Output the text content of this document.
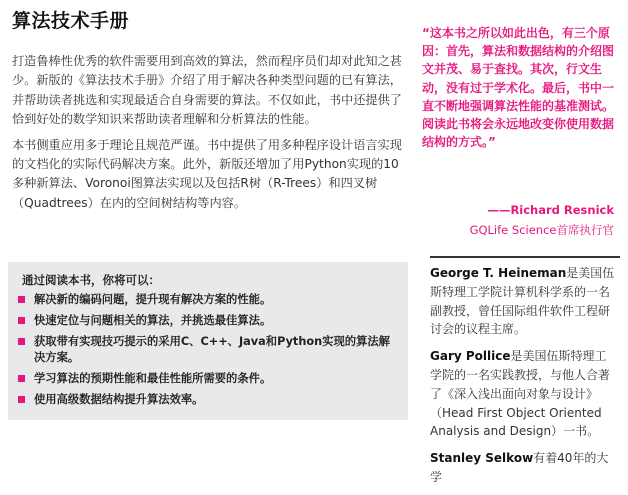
算法技术手册

打造鲁棒性优秀的软件需要用到高效的算法，然而程序员们却对此知之甚少。新版的《算法技术手册》介绍了用于解决各种类型问题的已有算法，并帮助读者挑选和实现最适合自身需要的算法。不仅如此，书中还提供了恰到好处的数学知识来帮助读者理解和分析算法的性能。

本书侧重应用多于理论且规范严谨。书中提供了用多种程序设计语言实现的文档化的实际代码解决方案。此外，新版还增加了用Python实现的10多种新算法、Voronoi图算法实现以及包括R树（R-Trees）和四叉树（Quadtrees）在内的空间树结构等内容。

通过阅读本书，你将可以：
解决新的编码问题，提升现有解决方案的性能。
快速定位与问题相关的算法，并挑选最佳算法。
获取带有实现技巧提示的采用C、C++、Java和Python实现的算法解决方案。
学习算法的预期性能和最佳性能所需要的条件。
使用高级数据结构提升算法效率。
“这本书之所以如此出色，有三个原因：首先，算法和数据结构的介绍图文并茂、易于查找。其次，行文生动，没有过于学术化。最后，书中一直不断地强调算法性能的基准测试。阅读此书将会永远地改变你使用数据结构的方式。”
——Richard Resnick
GQLife Science首席执行官

George T. Heineman是美国伍斯特理工学院计算机科学系的一名副教授，曾任国际组件软件工程研讨会的议程主席。

Gary Pollice是美国伍斯特理工学院的一名实践教授，与他人合著了《深入浅出面向对象与设计》（Head First Object Oriented Analysis and Design）一书。

Stanley Selkow有着40年的大学
